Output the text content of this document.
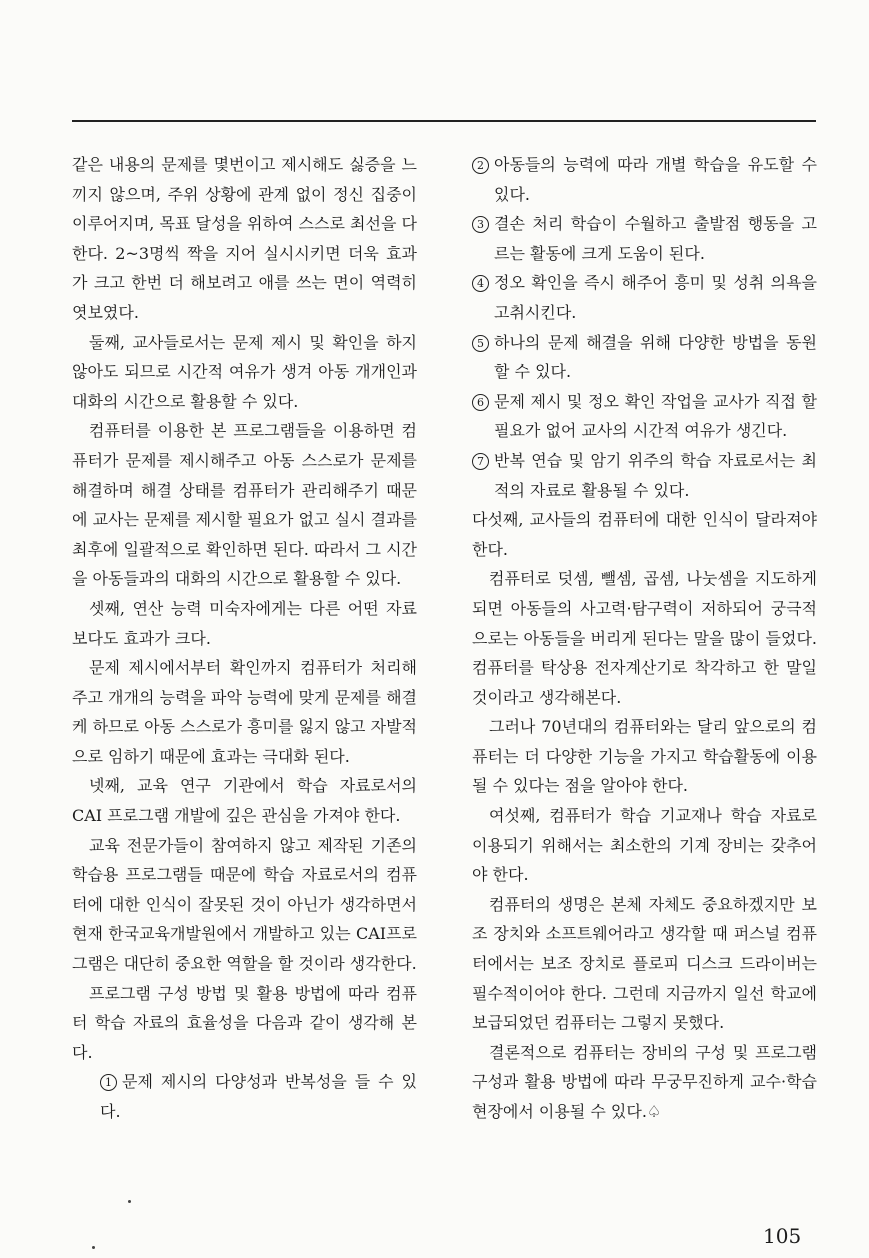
같은 내용의 문제를 몇번이고 제시해도 싫증을 느끼지 않으며, 주위 상황에 관계 없이 정신 집중이 이루어지며, 목표 달성을 위하여 스스로 최선을 다한다. 2~3명씩 짝을 지어 실시시키면 더욱 효과가 크고 한번 더 해보려고 애를 쓰는 면이 역력히 엿보였다.

둘째, 교사들로서는 문제 제시 및 확인을 하지 않아도 되므로 시간적 여유가 생겨 아동 개개인과 대화의 시간으로 활용할 수 있다.

컴퓨터를 이용한 본 프로그램들을 이용하면 컴퓨터가 문제를 제시해주고 아동 스스로가 문제를 해결하며 해결 상태를 컴퓨터가 관리해주기 때문에 교사는 문제를 제시할 필요가 없고 실시 결과를 최후에 일괄적으로 확인하면 된다. 따라서 그 시간을 아동들과의 대화의 시간으로 활용할 수 있다.

셋째, 연산 능력 미숙자에게는 다른 어떤 자료보다도 효과가 크다.

문제 제시에서부터 확인까지 컴퓨터가 처리해주고 개개의 능력을 파악 능력에 맞게 문제를 해결케 하므로 아동 스스로가 흥미를 잃지 않고 자발적으로 임하기 때문에 효과는 극대화 된다.

넷째, 교육 연구 기관에서 학습 자료로서의 CAI 프로그램 개발에 깊은 관심을 가져야 한다.

교육 전문가들이 참여하지 않고 제작된 기존의 학습용 프로그램들 때문에 학습 자료로서의 컴퓨터에 대한 인식이 잘못된 것이 아닌가 생각하면서 현재 한국교육개발원에서 개발하고 있는 CAI프로그램은 대단히 중요한 역할을 할 것이라 생각한다.

프로그램 구성 방법 및 활용 방법에 따라 컴퓨터 학습 자료의 효율성을 다음과 같이 생각해 본다.

1 문제 제시의 다양성과 반복성을 들 수 있다.

2 아동들의 능력에 따라 개별 학습을 유도할 수 있다.

3 결손 처리 학습이 수월하고 출발점 행동을 고르는 활동에 크게 도움이 된다.

4 정오 확인을 즉시 해주어 흥미 및 성취 의욕을 고취시킨다.

5 하나의 문제 해결을 위해 다양한 방법을 동원할 수 있다.

6 문제 제시 및 정오 확인 작업을 교사가 직접 할 필요가 없어 교사의 시간적 여유가 생긴다.

7 반복 연습 및 암기 위주의 학습 자료로서는 최적의 자료로 활용될 수 있다.

다섯째, 교사들의 컴퓨터에 대한 인식이 달라져야 한다.

컴퓨터로 덧셈, 뺄셈, 곱셈, 나눗셈을 지도하게 되면 아동들의 사고력·탐구력이 저하되어 궁극적으로는 아동들을 버리게 된다는 말을 많이 들었다. 컴퓨터를 탁상용 전자계산기로 착각하고 한 말일 것이라고 생각해본다.

그러나 70년대의 컴퓨터와는 달리 앞으로의 컴퓨터는 더 다양한 기능을 가지고 학습활동에 이용될 수 있다는 점을 알아야 한다.

여섯째, 컴퓨터가 학습 기교재나 학습 자료로 이용되기 위해서는 최소한의 기계 장비는 갖추어야 한다.

컴퓨터의 생명은 본체 자체도 중요하겠지만 보조 장치와 소프트웨어라고 생각할 때 퍼스널 컴퓨터에서는 보조 장치로 플로피 디스크 드라이버는 필수적이어야 한다. 그런데 지금까지 일선 학교에 보급되었던 컴퓨터는 그렇지 못했다.

결론적으로 컴퓨터는 장비의 구성 및 프로그램 구성과 활용 방법에 따라 무궁무진하게 교수·학습 현장에서 이용될 수 있다.♤

105
